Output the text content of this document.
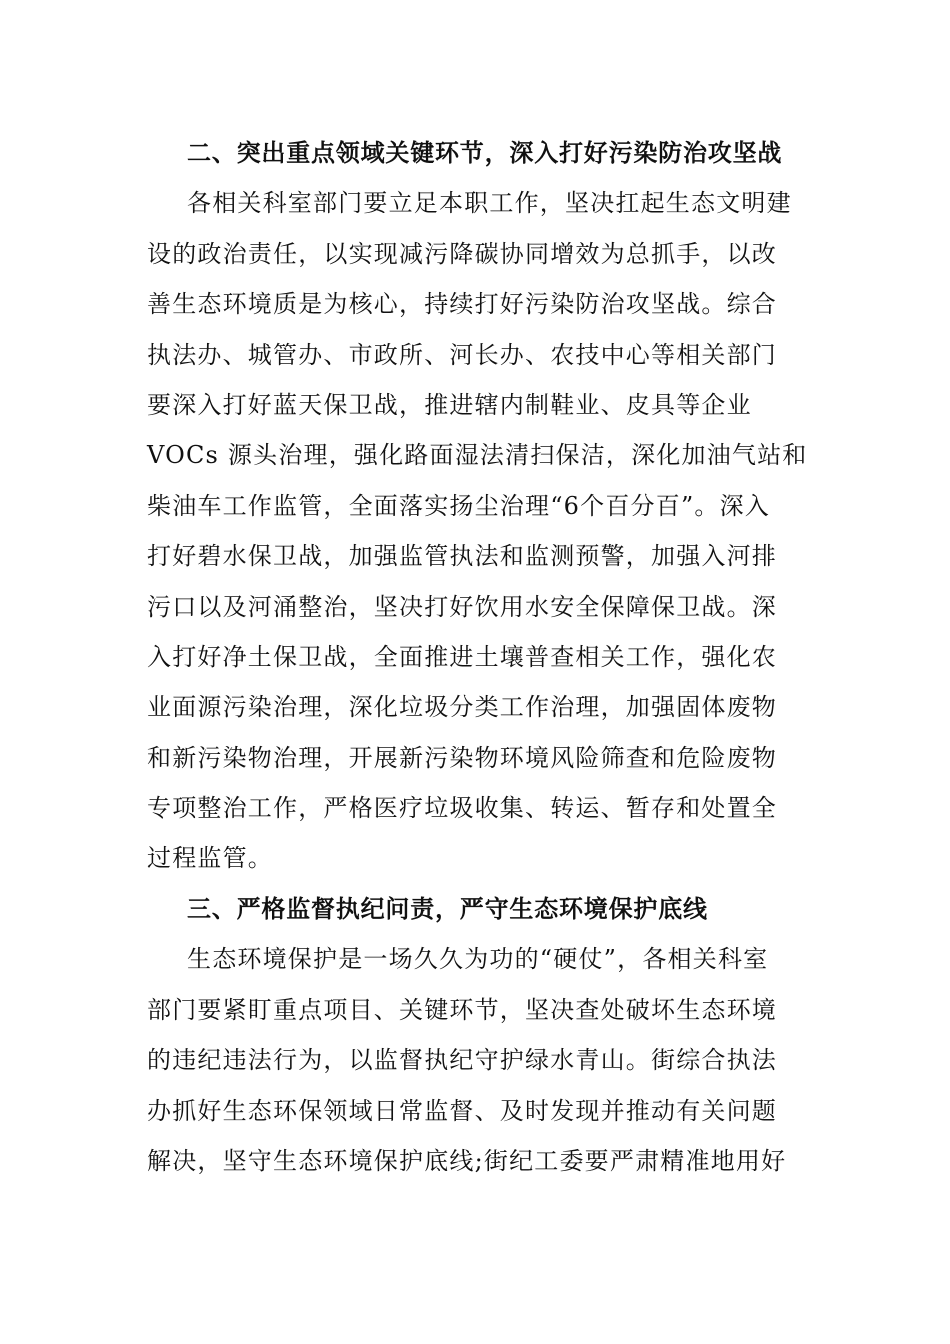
二、突出重点领域关键环节，深入打好污染防治攻坚战
各相关科室部门要立足本职工作，坚决扛起生态文明建
设的政治责任，以实现减污降碳协同增效为总抓手，以改
善生态环境质是为核心，持续打好污染防治攻坚战。综合
执法办、城管办、市政所、河长办、农技中心等相关部门
要深入打好蓝天保卫战，推进辖内制鞋业、皮具等企业
VOCs 源头治理，强化路面湿法清扫保洁，深化加油气站和
柴油车工作监管，全面落实扬尘治理“6个百分百”。深入
打好碧水保卫战，加强监管执法和监测预警，加强入河排
污口以及河涌整治，坚决打好饮用水安全保障保卫战。深
入打好净土保卫战，全面推进土壤普查相关工作，强化农
业面源污染治理，深化垃圾分类工作治理，加强固体废物
和新污染物治理，开展新污染物环境风险筛查和危险废物
专项整治工作，严格医疗垃圾收集、转运、暂存和处置全
过程监管。
三、严格监督执纪问责，严守生态环境保护底线
生态环境保护是一场久久为功的“硬仗”，各相关科室
部门要紧盯重点项目、关键环节，坚决查处破坏生态环境
的违纪违法行为，以监督执纪守护绿水青山。街综合执法
办抓好生态环保领域日常监督、及时发现并推动有关问题
解决，坚守生态环境保护底线;街纪工委要严肃精准地用好
